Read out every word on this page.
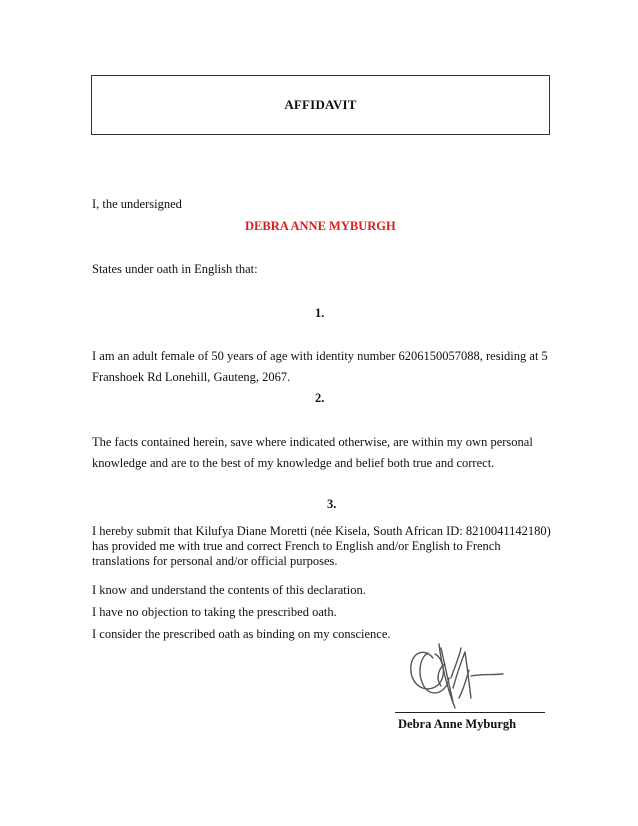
AFFIDAVIT
I, the undersigned
DEBRA ANNE MYBURGH
States under oath in English that:
1.
I am an adult female of 50 years of age with identity number 6206150057088, residing at 5 Franshoek Rd Lonehill, Gauteng, 2067.
2.
The facts contained herein, save where indicated otherwise, are within my own personal knowledge and are to the best of my knowledge and belief both true and correct.
3.
I hereby submit that Kilufya Diane Moretti (née Kisela, South African ID: 8210041142180) has provided me with true and correct French to English and/or English to French translations for personal and/or official purposes.
I know and understand the contents of this declaration.
I have no objection to taking the prescribed oath.
I consider the prescribed oath as binding on my conscience.
Debra Anne Myburgh
